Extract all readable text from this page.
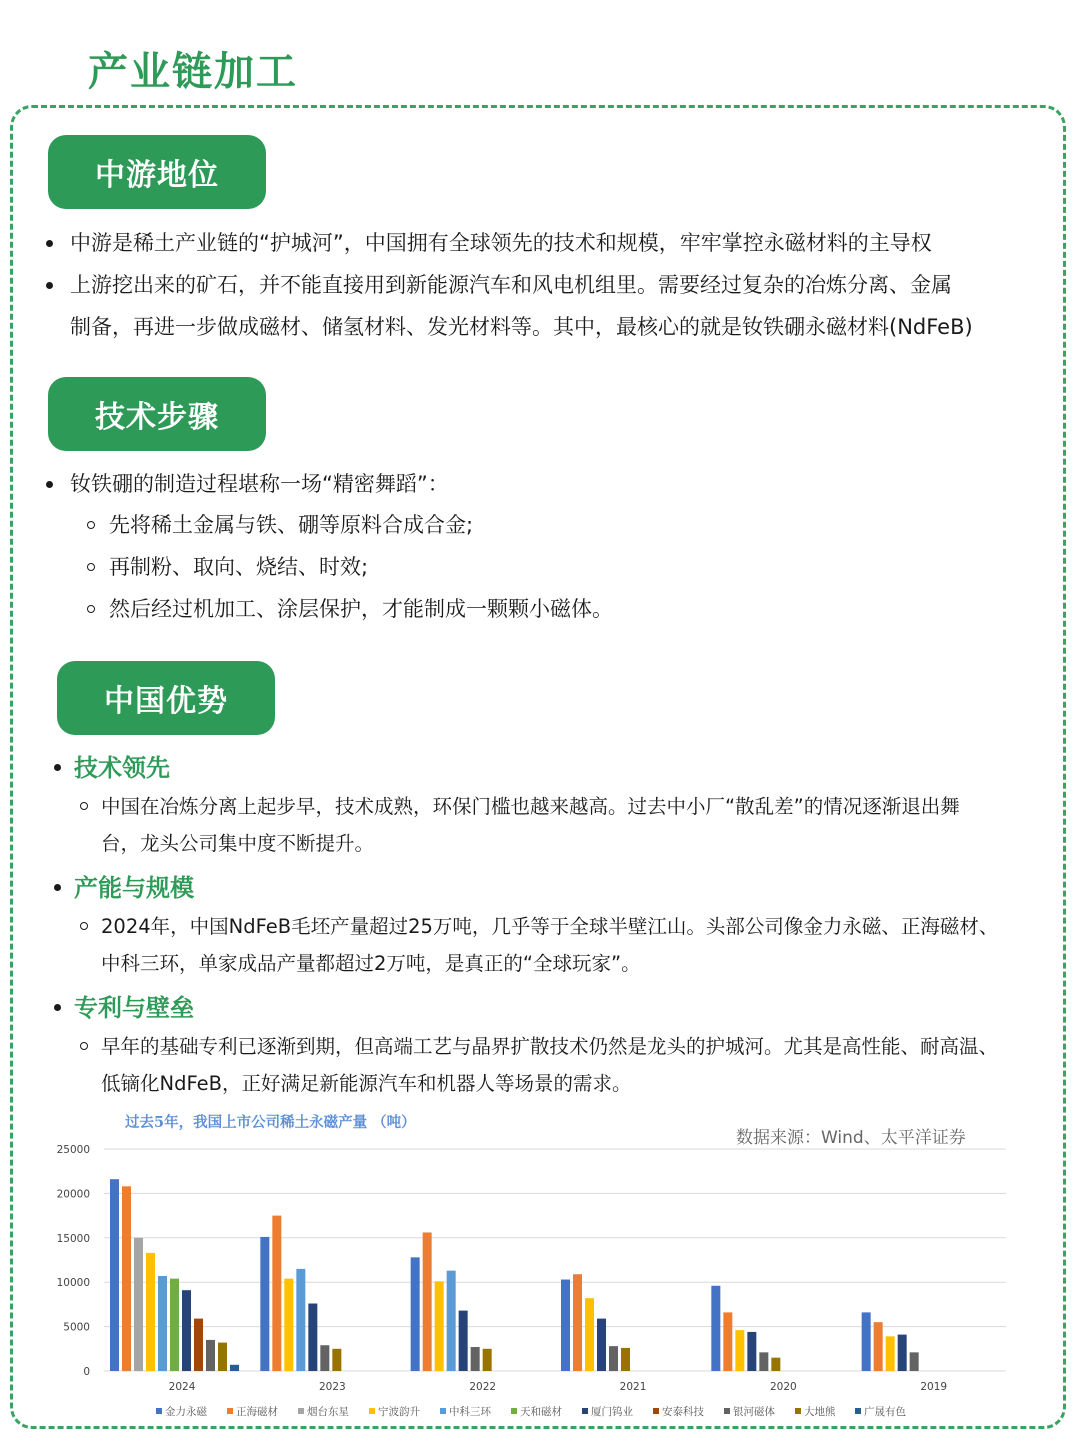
产业链加工
中游地位
中游是稀土产业链的“护城河”，中国拥有全球领先的技术和规模，牢牢掌控永磁材料的主导权
上游挖出来的矿石，并不能直接用到新能源汽车和风电机组里。需要经过复杂的冶炼分离、金属
制备，再进一步做成磁材、储氢材料、发光材料等。其中，最核心的就是钕铁硼永磁材料(NdFeB)
技术步骤
钕铁硼的制造过程堪称一场“精密舞蹈”：
先将稀土金属与铁、硼等原料合成合金;
再制粉、取向、烧结、时效;
然后经过机加工、涂层保护，才能制成一颗颗小磁体。
中国优势
技术领先
中国在冶炼分离上起步早，技术成熟，环保门槛也越来越高。过去中小厂“散乱差”的情况逐渐退出舞
台，龙头公司集中度不断提升。
产能与规模
2024年，中国NdFeB毛坯产量超过25万吨，几乎等于全球半壁江山。头部公司像金力永磁、正海磁材、
中科三环，单家成品产量都超过2万吨，是真正的“全球玩家”。
专利与壁垒
早年的基础专利已逐渐到期，但高端工艺与晶界扩散技术仍然是龙头的护城河。尤其是高性能、耐高温、
低镝化NdFeB，正好满足新能源汽车和机器人等场景的需求。
过去5年，我国上市公司稀土永磁产量 （吨）
数据来源：Wind、太平洋证券
0
5000
10000
15000
20000
25000
2024	2023	2022	2021	2020	2019
金力永磁	正海磁材	烟台东星	宁波韵升	中科三环	天和磁材	厦门钨业	安泰科技	银河磁体	大地熊	广晟有色
